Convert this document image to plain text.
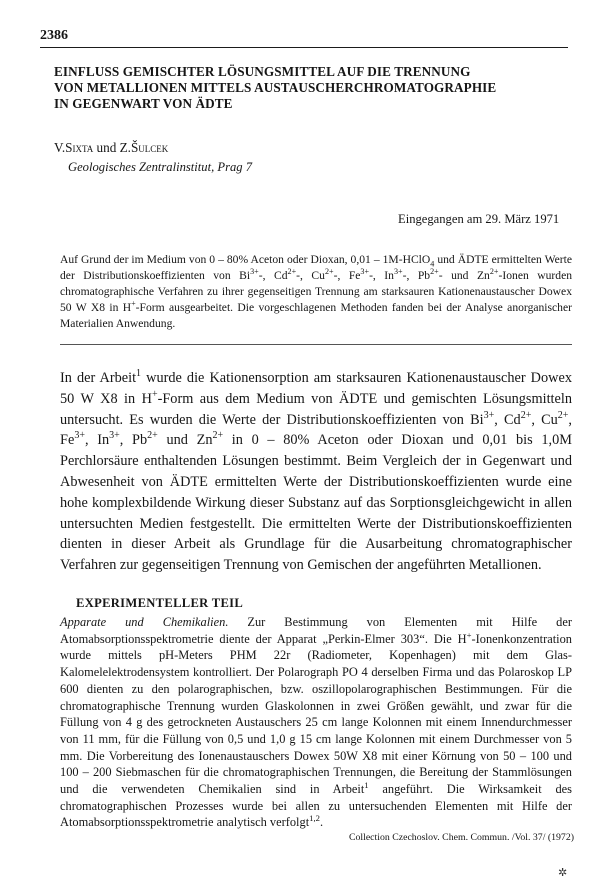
2386
EINFLUSS GEMISCHTER LÖSUNGSMITTEL AUF DIE TRENNUNG
VON METALLIONEN MITTELS AUSTAUSCHERCHROMATOGRAPHIE
IN GEGENWART VON ÄDTE
V.Sixta und Z.Šulcek
Geologisches Zentralinstitut, Prag 7
Eingegangen am 29. März 1971
Auf Grund der im Medium von 0 – 80% Aceton oder Dioxan, 0,01 – 1M-HClO$_4$ und ÄDTE ermittelten Werte der Distributionskoeffizienten von $Bi^{3+}-$, $Cd^{2+}-$, $Cu^{2+}-$, $Fe^{3+}-$, $In^{3+}-$, $Pb^{2+}-$ und $Zn^{2+}$-Ionen wurden chromatographische Verfahren zu ihrer gegenseitigen Trennung am starksauren Kationenaustauscher Dowex 50 W X8 in H+-Form ausgearbeitet. Die vorgeschlagenen Methoden fanden bei der Analyse anorganischer Materialien Anwendung.
In der Arbeit$^1$ wurde die Kationensorption am starksauren Kationenaustauscher Dowex 50 W X8 in H+-Form aus dem Medium von ÄDTE und gemischten Lösungsmitteln untersucht. Es wurden die Werte der Distributionskoeffizienten von $Bi^{3+}$, $Cd^{2+}$, $Cu^{2+}$, $Fe^{3+}$, $In^{3+}$, $Pb^{2+}$ und $Zn^{2+}$ in 0 – 80% Aceton oder Dioxan und 0,01 bis 1,0M Perchlorsäure enthaltenden Lösungen bestimmt. Beim Vergleich der in Gegenwart und Abwesenheit von ÄDTE ermittelten Werte der Distributionskoeffizienten wurde eine hohe komplexbildende Wirkung dieser Substanz auf das Sorptionsgleichgewicht in allen untersuchten Medien festgestellt. Die ermittelten Werte der Distributionskoeffizienten dienten in dieser Arbeit als Grundlage für die Ausarbeitung chromatographischer Verfahren zur gegenseitigen Trennung von Gemischen der angeführten Metallionen.
EXPERIMENTELLER TEIL
Apparate und Chemikalien. Zur Bestimmung von Elementen mit Hilfe der Atomabsorptionsspektrometrie diente der Apparat „Perkin-Elmer 303“. Die H+-Ionenkonzentration wurde mittels pH-Meters PHM 22r (Radiometer, Kopenhagen) mit dem Glas-Kalomelelektrodensystem kontrolliert. Der Polarograph PO 4 derselben Firma und das Polaroskop LP 600 dienten zu den polarographischen, bzw. oszillopolarographischen Bestimmungen. Für die chromatographische Trennung wurden Glaskolonnen in zwei Größen gewählt, und zwar für die Füllung von 4 g des getrockneten Austauschers 25 cm lange Kolonnen mit einem Innendurchmesser von 11 mm, für die Füllung von 0,5 und 1,0 g 15 cm lange Kolonnen mit einem Durchmesser von 5 mm. Die Vorbereitung des Ionenaustauschers Dowex 50W X8 mit einer Körnung von 50 – 100 und 100 – 200 Siebmaschen für die chromatographischen Trennungen, die Bereitung der Stammlösungen und die verwendeten Chemikalien sind in Arbeit$^1$ angeführt. Die Wirksamkeit des chromatographischen Prozesses wurde bei allen zu untersuchenden Elementen mit Hilfe der Atomabsorptionsspektrometrie analytisch verfolgt$^{1,2}$.
Collection Czechoslov. Chem. Commun. /Vol. 37/ (1972)
✲
